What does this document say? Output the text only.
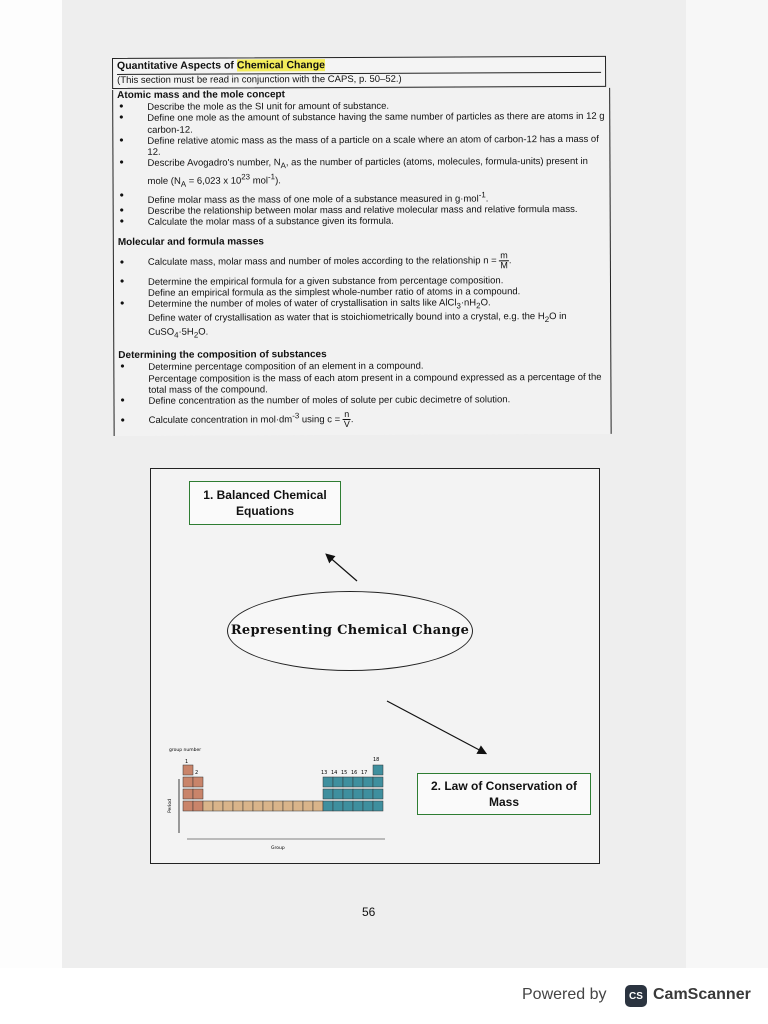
Quantitative Aspects of Chemical Change
(This section must be read in conjunction with the CAPS, p. 50–52.)
Atomic mass and the mole concept
• Describe the mole as the SI unit for amount of substance.
• Define one mole as the amount of substance having the same number of particles as there are atoms in 12 g carbon-12.
• Define relative atomic mass as the mass of a particle on a scale where an atom of carbon-12 has a mass of 12.
• Describe Avogadro's number, $N_A$, as the number of particles (atoms, molecules, formula-units) present in mole ($N_A = 6,023$ x $10^{23}$ mol$^{-1}$).
•	Define molar mass as the mass of one mole of a substance measured in g·mol$^{-1}$.
• Describe the relationship between molar mass and relative molecular mass and relative formula mass.
• Calculate the molar mass of a substance given its formula.
Molecular and formula masses
• Calculate mass, molar mass and number of moles according to the relationship $n = \frac{m}{M}$ .
• Determine the empirical formula for a given substance from percentage composition.
Define an empirical formula as the simplest whole-number ratio of atoms in a compound.
• Determine the number of moles of water of crystallisation in salts like $AlCl_3\cdot nH_2O$.
Define water of crystallisation as water that is stoichiometrically bound into a crystal, e.g. the $H_2O$ in $CuSO_4\cdot 5H_2O$.
Determining the composition of substances
• Determine percentage composition of an element in a compound.
Percentage composition is the mass of each atom present in a compound expressed as a percentage of the total mass of the compound.
• Define concentration as the number of moles of solute per cubic decimetre of solution.
• Calculate concentration in $mol\cdot dm^{-3}$ using $c = \frac{n}{V}$ .
1. Balanced Chemical Equations
Representing Chemical Change
2. Law of Conservation of Mass
group number
1
2	13 14 15 16 17
18
Period
Group
56
Powered by	CS CamScanner
